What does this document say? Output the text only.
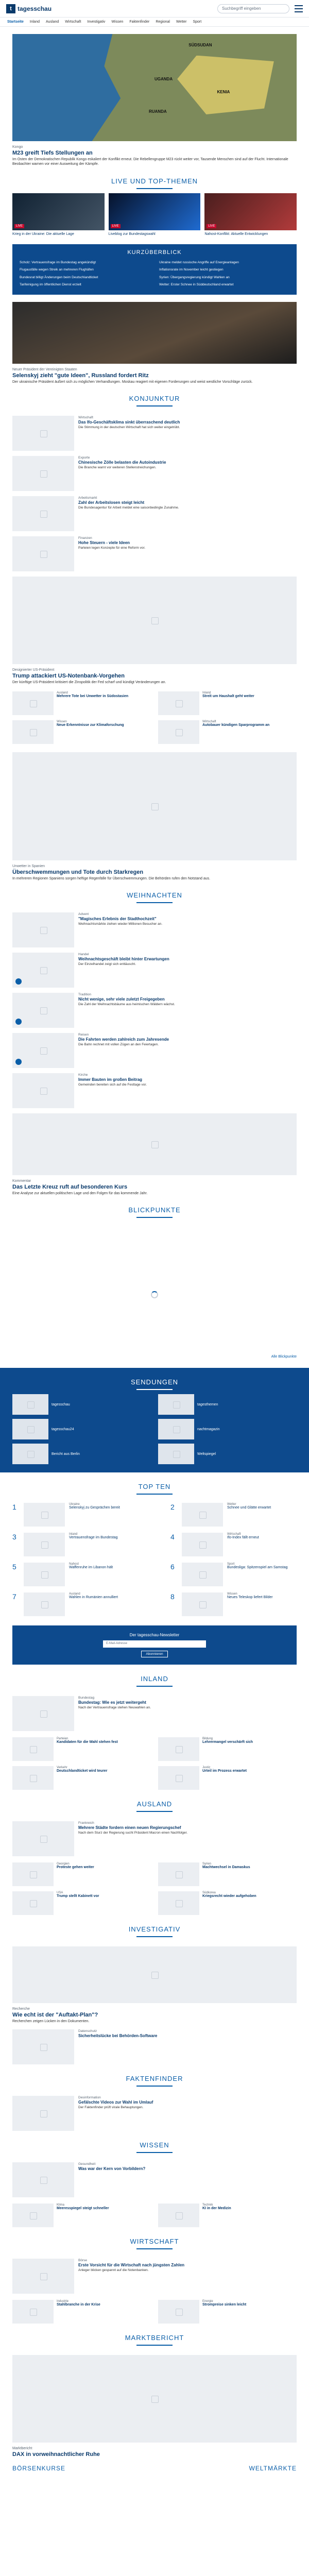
t tagesschau	Suchbegriff eingeben
Startseite Inland Ausland Wirtschaft Investigativ Wissen Faktenfinder Regional Wetter Sport
SÜDSUDAN
UGANDA
KENIA
RUANDA
Kongo
M23 greift Tiefs Stellungen an
Im Osten der Demokratischen Republik Kongo eskaliert der Konflikt erneut. Die Rebellengruppe M23 rückt weiter vor, Tausende Menschen sind auf der Flucht. Internationale Beobachter warnen vor einer Ausweitung der Kämpfe.
LIVE UND TOP-THEMEN
LIVE
Krieg in der Ukraine: Die aktuelle Lage
LIVE
Liveblog zur Bundestagswahl
LIVE
Nahost-Konflikt: Aktuelle Entwicklungen
KURZÜBERBLICK
Scholz: Vertrauensfrage im Bundestag angekündigt	Ukraine meldet russische Angriffe auf Energieanlagen
Flugausfälle wegen Streik an mehreren Flughäfen	Inflationsrate im November leicht gestiegen
Bundesrat billigt Änderungen beim Deutschlandticket	Syrien: Übergangsregierung kündigt Wahlen an
Tarifeinigung im öffentlichen Dienst erzielt	Wetter: Erster Schnee in Süddeutschland erwartet
Neuer Präsident der Vereinigten Staaten
Selenskyj zieht "gute Ideen", Russland fordert Ritz
Der ukrainische Präsident äußert sich zu möglichen Verhandlungen. Moskau reagiert mit eigenen Forderungen und weist westliche Vorschläge zurück.
KONJUNKTUR
Wirtschaft
Das Ifo-Geschäftsklima sinkt überraschend deutlich
Die Stimmung in der deutschen Wirtschaft hat sich weiter eingetrübt.
Exporte
Chinesische Zölle belasten die Autoindustrie
Die Branche warnt vor weiteren Stellenstreichungen.
Arbeitsmarkt
Zahl der Arbeitslosen steigt leicht
Die Bundesagentur für Arbeit meldet eine saisonbedingte Zunahme.
Finanzen
Hohe Steuern - viele Ideen
Parteien legen Konzepte für eine Reform vor.
Designierter US-Präsident
Trump attackiert US-Notenbank-Vorgehen
Der künftige US-Präsident kritisiert die Zinspolitik der Fed scharf und kündigt Veränderungen an.
Ausland
Mehrere Tote bei Unwetter in Südostasien
Inland
Streit um Haushalt geht weiter
Wissen
Neue Erkenntnisse zur Klimaforschung
Wirtschaft
Autobauer kündigen Sparprogramm an
Unwetter in Spanien
Überschwemmungen und Tote durch Starkregen
In mehreren Regionen Spaniens sorgen heftige Regenfälle für Überschwemmungen. Die Behörden rufen den Notstand aus.
WEIHNACHTEN
Advent
"Magisches Erlebnis der Stadthochzeit"
Weihnachtsmärkte ziehen wieder Millionen Besucher an.
Handel
Weihnachtsgeschäft bleibt hinter Erwartungen
Der Einzelhandel zeigt sich enttäuscht.
Tradition
Nicht wenige, sehr viele zuletzt Freigegeben
Die Zahl der Weihnachtsbäume aus heimischen Wäldern wächst.
Reisen
Die Fahrten werden zahlreich zum Jahresende
Die Bahn rechnet mit vollen Zügen an den Feiertagen.
Kirche
Immer Bauten im großen Beitrag
Gemeinden bereiten sich auf die Festtage vor.
Kommentar
Das Letzte Kreuz ruft auf besonderen Kurs
Eine Analyse zur aktuellen politischen Lage und den Folgen für das kommende Jahr.
BLICKPUNKTE
Alle Blickpunkte
SENDUNGEN
tagesschau	tagesthemen
tagesschau24	nachtmagazin
Bericht aus Berlin	Weltspiegel
TOP TEN
1	Ukraine
Selenskyj zu Gesprächen bereit	2	Wetter
Schnee und Glätte erwartet
3	Inland
Vertrauensfrage im Bundestag	4	Wirtschaft
Ifo-Index fällt erneut
5	Nahost
Waffenruhe im Libanon hält	6	Sport
Bundesliga: Spitzenspiel am Samstag
7	Ausland
Wahlen in Rumänien annulliert	8	Wissen
Neues Teleskop liefert Bilder
Der tagesschau-Newsletter
E-Mail-Adresse
Abonnieren
INLAND
Bundestag
Bundestag: Wie es jetzt weitergeht
Nach der Vertrauensfrage stehen Neuwahlen an.
Parteien
Kandidaten für die Wahl stehen fest
Bildung
Lehrermangel verschärft sich
Verkehr
Deutschlandticket wird teurer
Justiz
Urteil im Prozess erwartet
AUSLAND
Frankreich
Mehrere Städte fordern einen neuen Regierungschef
Nach dem Sturz der Regierung sucht Präsident Macron einen Nachfolger.
Georgien
Proteste gehen weiter
Syrien
Machtwechsel in Damaskus
USA
Trump stellt Kabinett vor
Südkorea
Kriegsrecht wieder aufgehoben
INVESTIGATIV
Recherche
Wie echt ist der "Auftakt-Plan"?
Recherchen zeigen Lücken in den Dokumenten.
Datenschutz
Sicherheitslücke bei Behörden-Software
FAKTENFINDER
Desinformation
Gefälschte Videos zur Wahl im Umlauf
Der Faktenfinder prüft virale Behauptungen.
WISSEN
Gesundheit
Was war der Kern von Vorbildern?
Klima
Meeresspiegel steigt schneller
Technik
KI in der Medizin
WIRTSCHAFT
Börse
Erste Vorsicht für die Wirtschaft nach jüngsten Zahlen
Anleger blicken gespannt auf die Notenbanken.
Industrie
Stahlbranche in der Krise
Energie
Strompreise sinken leicht
MARKTBERICHT
Marktbericht
DAX in vorweihnachtlicher Ruhe
BÖRSENKURSE	WELTMÄRKTE
